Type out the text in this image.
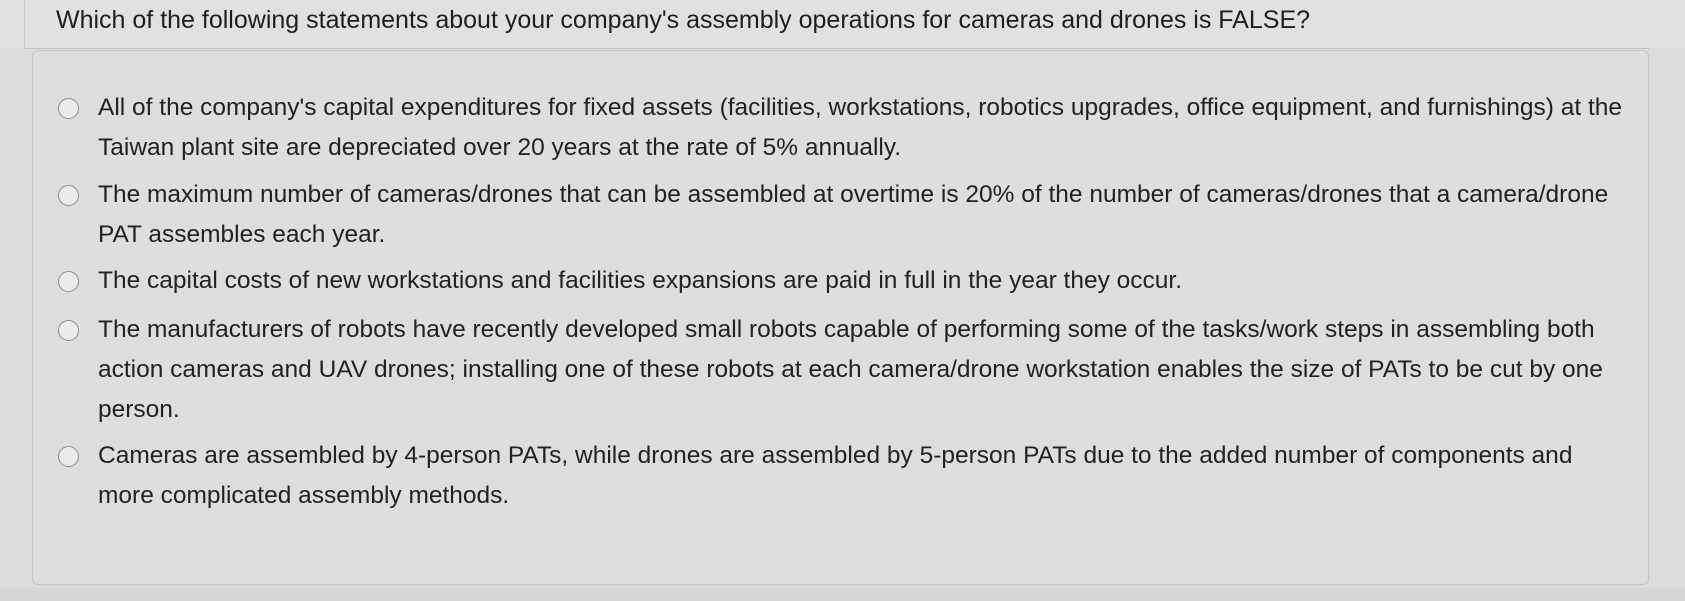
Which of the following statements about your company's assembly operations for cameras and drones is FALSE?
All of the company's capital expenditures for fixed assets (facilities, workstations, robotics upgrades, office equipment, and furnishings) at the Taiwan plant site are depreciated over 20 years at the rate of 5% annually.
The maximum number of cameras/drones that can be assembled at overtime is 20% of the number of cameras/drones that a camera/drone PAT assembles each year.
The capital costs of new workstations and facilities expansions are paid in full in the year they occur.
The manufacturers of robots have recently developed small robots capable of performing some of the tasks/work steps in assembling both action cameras and UAV drones; installing one of these robots at each camera/drone workstation enables the size of PATs to be cut by one person.
Cameras are assembled by 4-person PATs, while drones are assembled by 5-person PATs due to the added number of components and more complicated assembly methods.
